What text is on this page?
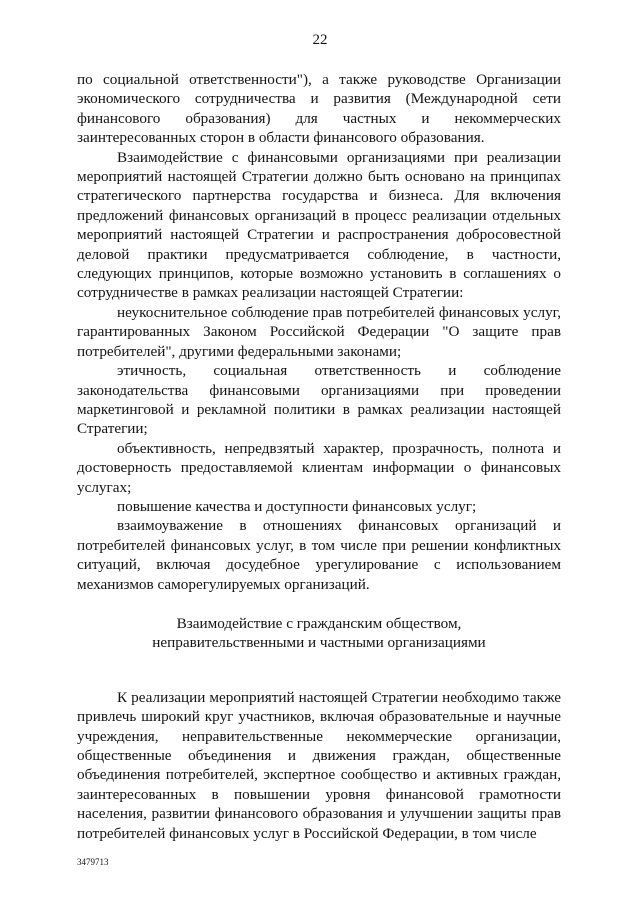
22

по социальной ответственности"), а также руководстве Организации экономического сотрудничества и развития (Международной сети финансового образования) для частных и некоммерческих заинтересованных сторон в области финансового образования.

Взаимодействие с финансовыми организациями при реализации мероприятий настоящей Стратегии должно быть основано на принципах стратегического партнерства государства и бизнеса. Для включения предложений финансовых организаций в процесс реализации отдельных мероприятий настоящей Стратегии и распространения добросовестной деловой практики предусматривается соблюдение, в частности, следующих принципов, которые возможно установить в соглашениях о сотрудничестве в рамках реализации настоящей Стратегии:

неукоснительное соблюдение прав потребителей финансовых услуг, гарантированных Законом Российской Федерации "О защите прав потребителей", другими федеральными законами;

этичность, социальная ответственность и соблюдение законодательства финансовыми организациями при проведении маркетинговой и рекламной политики в рамках реализации настоящей Стратегии;

объективность, непредвзятый характер, прозрачность, полнота и достоверность предоставляемой клиентам информации о финансовых услугах;

повышение качества и доступности финансовых услуг;

взаимоуважение в отношениях финансовых организаций и потребителей финансовых услуг, в том числе при решении конфликтных ситуаций, включая досудебное урегулирование с использованием механизмов саморегулируемых организаций.

Взаимодействие с гражданским обществом,
неправительственными и частными организациями

К реализации мероприятий настоящей Стратегии необходимо также привлечь широкий круг участников, включая образовательные и научные учреждения, неправительственные некоммерческие организации, общественные объединения и движения граждан, общественные объединения потребителей, экспертное сообщество и активных граждан, заинтересованных в повышении уровня финансовой грамотности населения, развитии финансового образования и улучшении защиты прав потребителей финансовых услуг в Российской Федерации, в том числе

3479713
